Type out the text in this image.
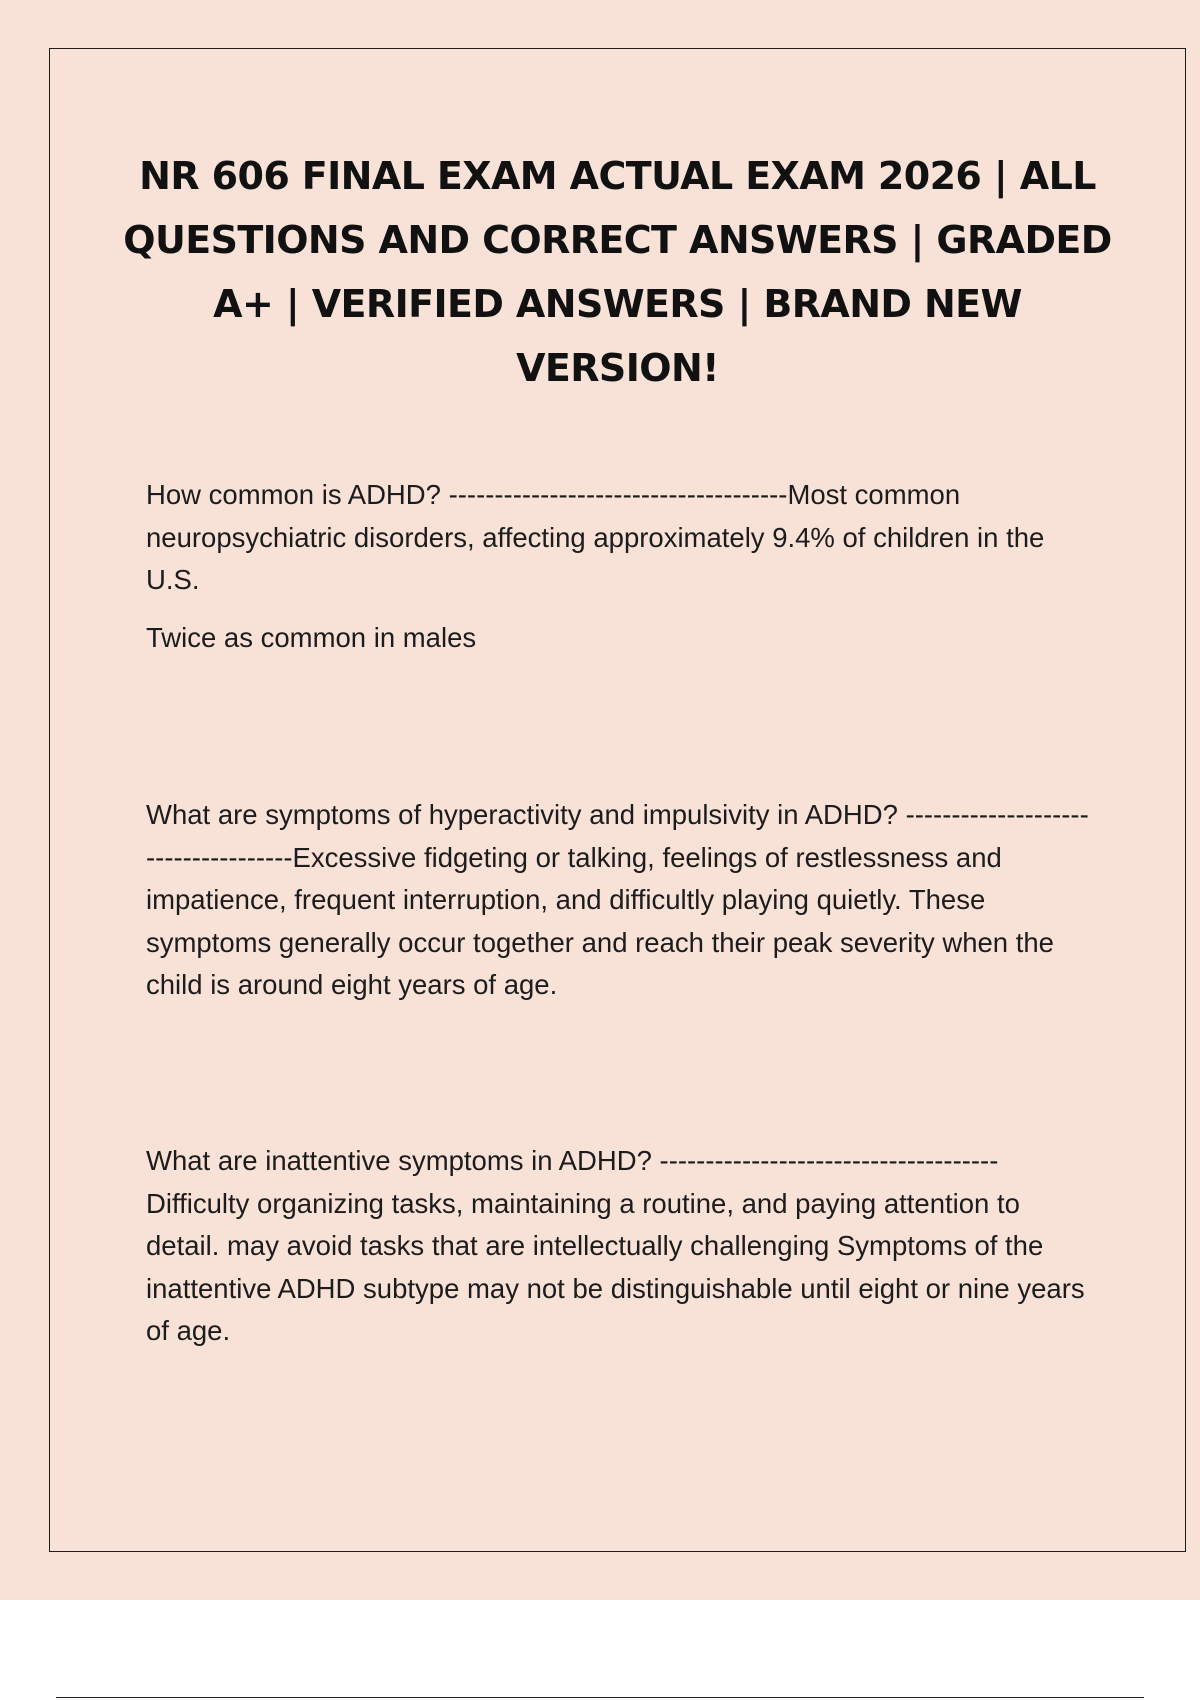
NR 606 FINAL EXAM ACTUAL EXAM 2026 | ALL QUESTIONS AND CORRECT ANSWERS | GRADED A+ | VERIFIED ANSWERS | BRAND NEW VERSION!

How common is ADHD? -------------------------------------Most common neuropsychiatric disorders, affecting approximately 9.4% of children in the U.S.

Twice as common in males

What are symptoms of hyperactivity and impulsivity in ADHD? ------------------------------------Excessive fidgeting or talking, feelings of restlessness and impatience, frequent interruption, and difficultly playing quietly. These symptoms generally occur together and reach their peak severity when the child is around eight years of age.

What are inattentive symptoms in ADHD? -------------------------------------Difficulty organizing tasks, maintaining a routine, and paying attention to detail. may avoid tasks that are intellectually challenging Symptoms of the inattentive ADHD subtype may not be distinguishable until eight or nine years of age.
